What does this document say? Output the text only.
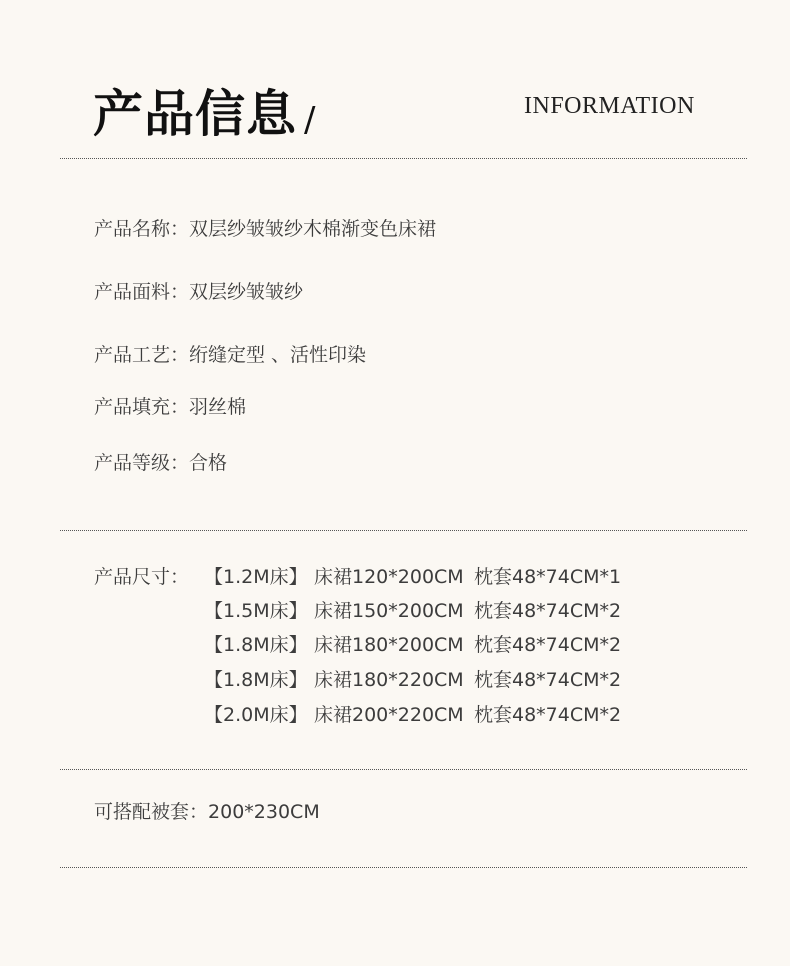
产品信息 /	INFORMATION
产品名称：双层纱皱皱纱木棉渐变色床裙
产品面料：双层纱皱皱纱
产品工艺：绗缝定型 、活性印染
产品填充：羽丝棉
产品等级：合格
产品尺寸： 【1.2M床】 床裙120*200CM 枕套48*74CM*1
【1.5M床】 床裙150*200CM 枕套48*74CM*2
【1.8M床】 床裙180*200CM 枕套48*74CM*2
【1.8M床】 床裙180*220CM 枕套48*74CM*2
【2.0M床】 床裙200*220CM 枕套48*74CM*2
可搭配被套：200*230CM
